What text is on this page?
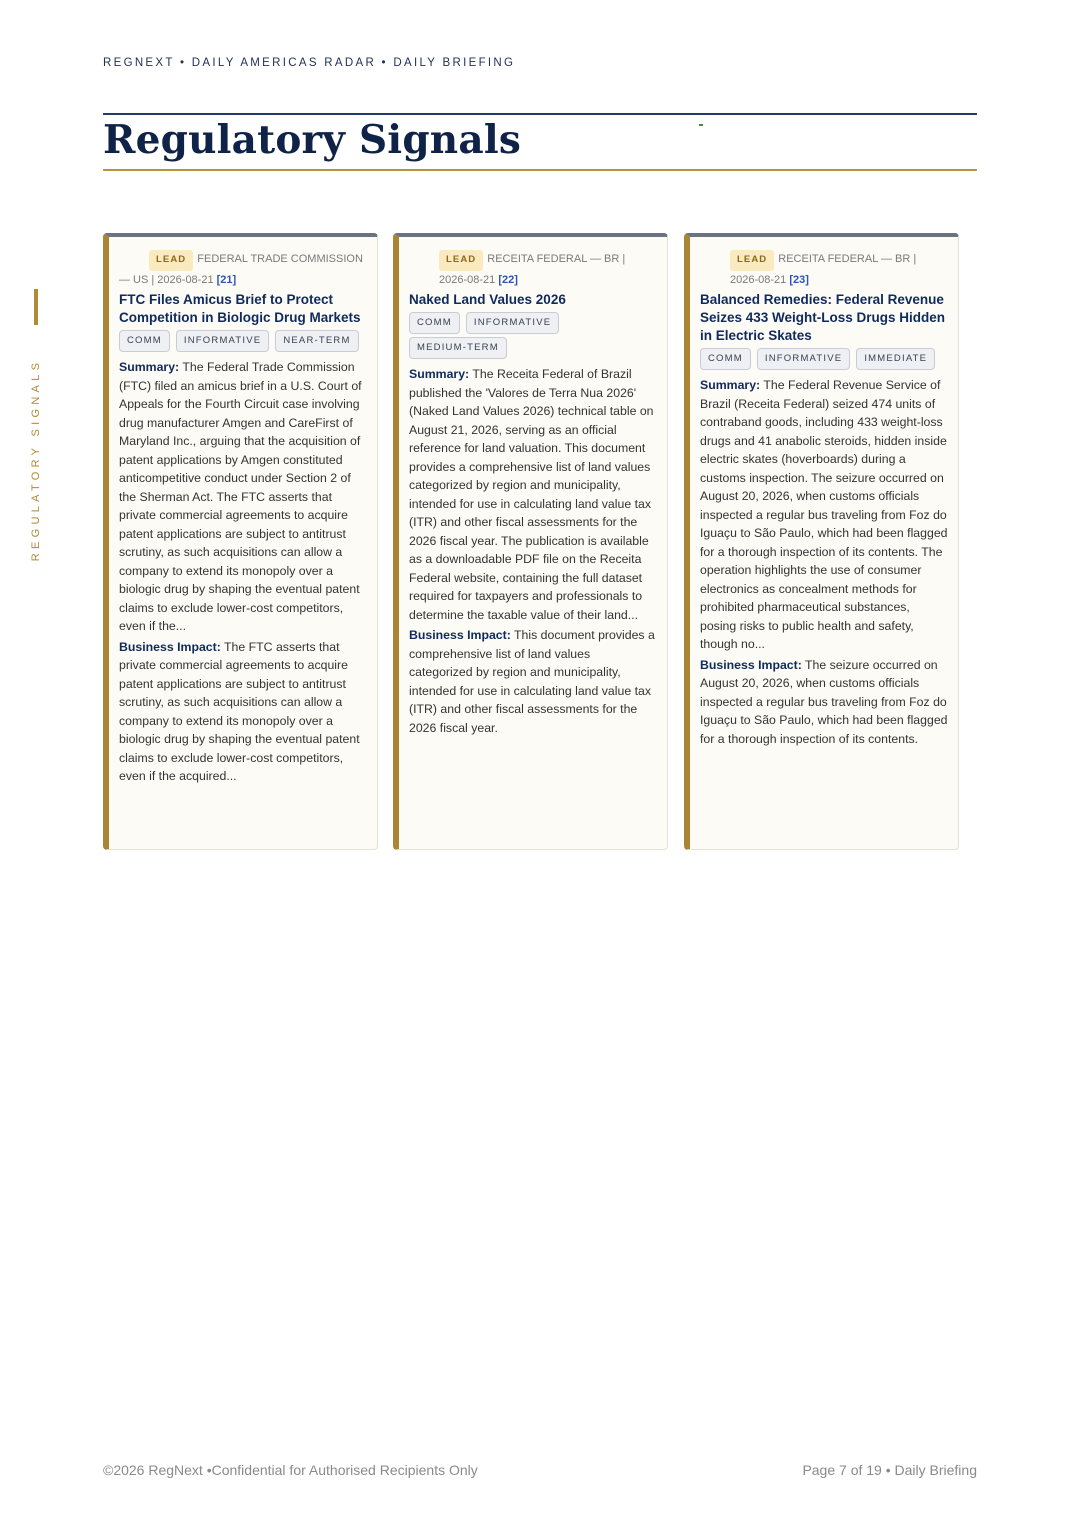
REGNEXT • DAILY AMERICAS RADAR • DAILY BRIEFING
Regulatory Signals
REGULATORY SIGNALS
LEAD FEDERAL TRADE COMMISSION
— US | 2026-08-21 [21]
FTC Files Amicus Brief to Protect Competition in Biologic Drug Markets
COMM INFORMATIVE NEAR-TERM
Summary: The Federal Trade Commission (FTC) filed an amicus brief in a U.S. Court of Appeals for the Fourth Circuit case involving drug manufacturer Amgen and CareFirst of Maryland Inc., arguing that the acquisition of patent applications by Amgen constituted anticompetitive conduct under Section 2 of the Sherman Act. The FTC asserts that private commercial agreements to acquire patent applications are subject to antitrust scrutiny, as such acquisitions can allow a company to extend its monopoly over a biologic drug by shaping the eventual patent claims to exclude lower-cost competitors, even if the...
Business Impact: The FTC asserts that private commercial agreements to acquire patent applications are subject to antitrust scrutiny, as such acquisitions can allow a company to extend its monopoly over a biologic drug by shaping the eventual patent claims to exclude lower-cost competitors, even if the acquired...
LEAD RECEITA FEDERAL — BR |
2026-08-21 [22]
Naked Land Values 2026
COMM INFORMATIVEMEDIUM-TERM
Summary: The Receita Federal of Brazil published the 'Valores de Terra Nua 2026' (Naked Land Values 2026) technical table on August 21, 2026, serving as an official reference for land valuation. This document provides a comprehensive list of land values categorized by region and municipality, intended for use in calculating land value tax (ITR) and other fiscal assessments for the 2026 fiscal year. The publication is available as a downloadable PDF file on the Receita Federal website, containing the full dataset required for taxpayers and professionals to determine the taxable value of their land...
Business Impact: This document provides a comprehensive list of land values categorized by region and municipality, intended for use in calculating land value tax (ITR) and other fiscal assessments for the 2026 fiscal year.
LEAD RECEITA FEDERAL — BR |
2026-08-21 [23]
Balanced Remedies: Federal Revenue Seizes 433 Weight-Loss Drugs Hidden in Electric Skates
COMM INFORMATIVE IMMEDIATE
Summary: The Federal Revenue Service of Brazil (Receita Federal) seized 474 units of contraband goods, including 433 weight-loss drugs and 41 anabolic steroids, hidden inside electric skates (hoverboards) during a customs inspection. The seizure occurred on August 20, 2026, when customs officials inspected a regular bus traveling from Foz do Iguaçu to São Paulo, which had been flagged for a thorough inspection of its contents. The operation highlights the use of consumer electronics as concealment methods for prohibited pharmaceutical substances, posing risks to public health and safety, though no...
Business Impact: The seizure occurred on August 20, 2026, when customs officials inspected a regular bus traveling from Foz do Iguaçu to São Paulo, which had been flagged for a thorough inspection of its contents.
©2026 RegNext •Confidential for Authorised Recipients Only	Page 7 of 19 • Daily Briefing
